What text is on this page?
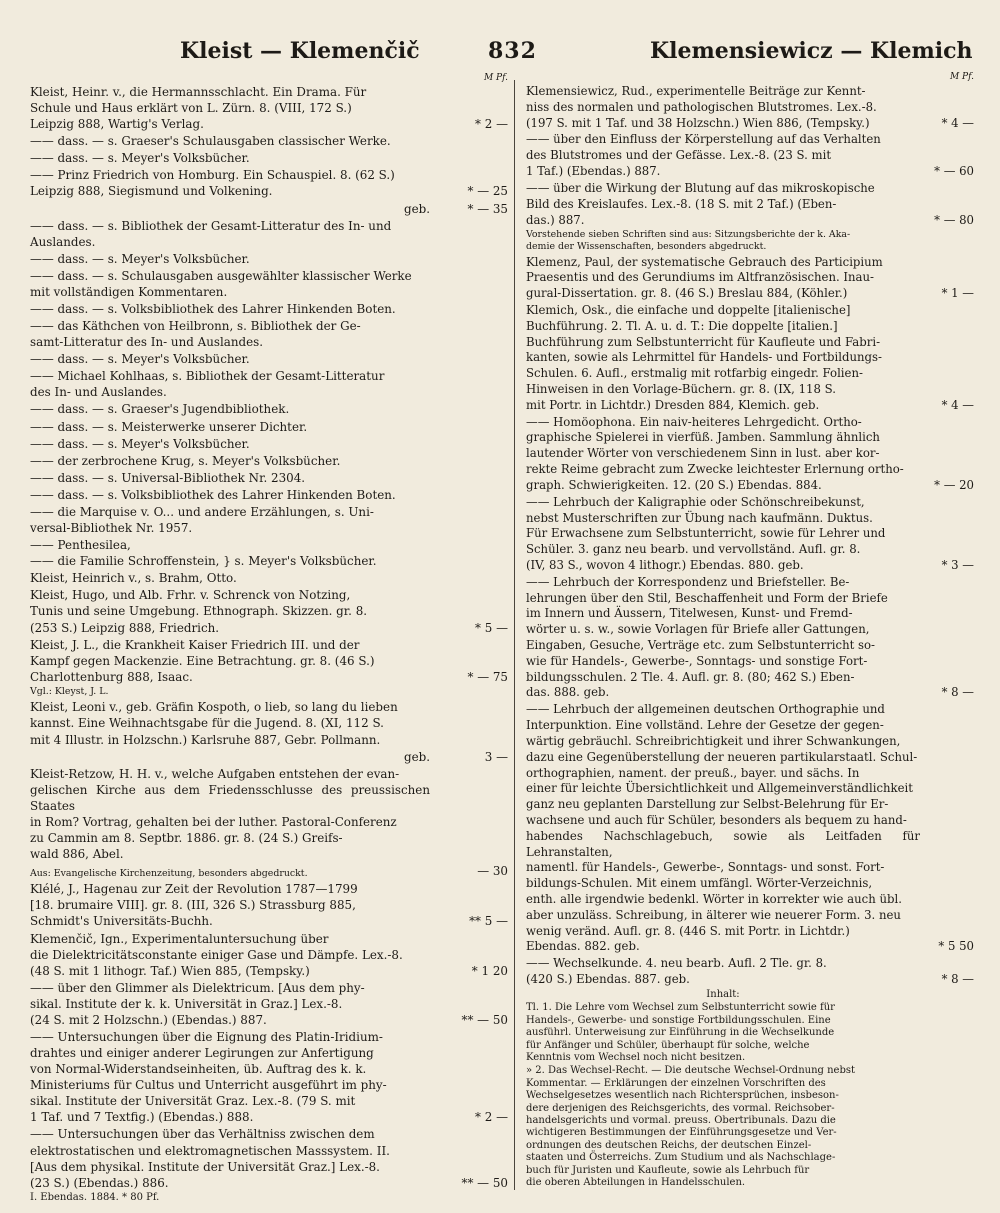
Kleist — Klemenčič	832	Klemensiewicz — Klemich
M Pf.
Kleist, Heinr. v., die Hermannsschlacht. Ein Drama. Für
Schule und Haus erklärt von L. Zürn. 8. (VIII, 172 S.)
Leipzig 888, Wartig's Verlag.	* 2 —
—— dass. — s. Graeser's Schulausgaben classischer Werke.
—— dass. — s. Meyer's Volksbücher.
—— Prinz Friedrich von Homburg. Ein Schauspiel. 8. (62 S.)
Leipzig 888, Siegismund und Volkening.	* — 25
geb.	* — 35
—— dass. — s. Bibliothek der Gesamt-Litteratur des In- und
Auslandes.
—— dass. — s. Meyer's Volksbücher.
—— dass. — s. Schulausgaben ausgewählter klassischer Werke
mit vollständigen Kommentaren.
—— dass. — s. Volksbibliothek des Lahrer Hinkenden Boten.
—— das Käthchen von Heilbronn, s. Bibliothek der Ge-
samt-Litteratur des In- und Auslandes.
—— dass. — s. Meyer's Volksbücher.
—— Michael Kohlhaas, s. Bibliothek der Gesamt-Litteratur
des In- und Auslandes.
—— dass. — s. Graeser's Jugendbibliothek.
—— dass. — s. Meisterwerke unserer Dichter.
—— dass. — s. Meyer's Volksbücher.
—— der zerbrochene Krug, s. Meyer's Volksbücher.
—— dass. — s. Universal-Bibliothek Nr. 2304.
—— dass. — s. Volksbibliothek des Lahrer Hinkenden Boten.
—— die Marquise v. O... und andere Erzählungen, s. Uni-
versal-Bibliothek Nr. 1957.
—— Penthesilea,
—— die Familie Schroffenstein, } s. Meyer's Volksbücher.
Kleist, Heinrich v., s. Brahm, Otto.
Kleist, Hugo, und Alb. Frhr. v. Schrenck von Notzing,
Tunis und seine Umgebung. Ethnograph. Skizzen. gr. 8.
(253 S.) Leipzig 888, Friedrich.	* 5 —
Kleist, J. L., die Krankheit Kaiser Friedrich III. und der
Kampf gegen Mackenzie. Eine Betrachtung. gr. 8. (46 S.)
Charlottenburg 888, Isaac.	* — 75
Vgl.: Kleyst, J. L.
Kleist, Leoni v., geb. Gräfin Kospoth, o lieb, so lang du lieben
kannst. Eine Weihnachtsgabe für die Jugend. 8. (XI, 112 S.
mit 4 Illustr. in Holzschn.) Karlsruhe 887, Gebr. Pollmann.
geb.	3 —
Kleist-Retzow, H. H. v., welche Aufgaben entstehen der evan-
gelischen Kirche aus dem Friedensschlusse des preussischen Staates
in Rom? Vortrag, gehalten bei der luther. Pastoral-Conferenz
zu Cammin am 8. Septbr. 1886. gr. 8. (24 S.) Greifs-
wald 886, Abel.
Aus: Evangelische Kirchenzeitung, besonders abgedruckt.	— 30
Klélé, J., Hagenau zur Zeit der Revolution 1787—1799
[18. brumaire VIII]. gr. 8. (III, 326 S.) Strassburg 885,
Schmidt's Universitäts-Buchh.	** 5 —
Klemenčič, Ign., Experimentaluntersuchung über
die Dielektricitätsconstante einiger Gase und Dämpfe. Lex.-8.
(48 S. mit 1 lithogr. Taf.) Wien 885, (Tempsky.)	* 1 20
—— über den Glimmer als Dielektricum. [Aus dem phy-
sikal. Institute der k. k. Universität in Graz.] Lex.-8.
(24 S. mit 2 Holzschn.) (Ebendas.) 887.	** — 50
—— Untersuchungen über die Eignung des Platin-Iridium-
drahtes und einiger anderer Legirungen zur Anfertigung
von Normal-Widerstandseinheiten, üb. Auftrag des k. k.
Ministeriums für Cultus und Unterricht ausgeführt im phy-
sikal. Institute der Universität Graz. Lex.-8. (79 S. mit
1 Taf. und 7 Textfig.) (Ebendas.) 888.	* 2 —
—— Untersuchungen über das Verhältniss zwischen dem
elektrostatischen und elektromagnetischen Masssystem. II.
[Aus dem physikal. Institute der Universität Graz.] Lex.-8.
(23 S.) (Ebendas.) 886.	** — 50
I. Ebendas. 1884. * 80 Pf.
M Pf.
Klemensiewicz, Rud., experimentelle Beiträge zur Kennt-
niss des normalen und pathologischen Blutstromes. Lex.-8.
(197 S. mit 1 Taf. und 38 Holzschn.) Wien 886, (Tempsky.)	* 4 —
—— über den Einfluss der Körperstellung auf das Verhalten
des Blutstromes und der Gefässe. Lex.-8. (23 S. mit
1 Taf.) (Ebendas.) 887.	* — 60
—— über die Wirkung der Blutung auf das mikroskopische
Bild des Kreislaufes. Lex.-8. (18 S. mit 2 Taf.) (Eben-
das.) 887.	* — 80
Vorstehende sieben Schriften sind aus: Sitzungsberichte der k. Aka-
demie der Wissenschaften, besonders abgedruckt.
Klemenz, Paul, der systematische Gebrauch des Participium
Praesentis und des Gerundiums im Altfranzösischen. Inau-
gural-Dissertation. gr. 8. (46 S.) Breslau 884, (Köhler.)	* 1 —
Klemich, Osk., die einfache und doppelte [italienische]
Buchführung. 2. Tl. A. u. d. T.: Die doppelte [italien.]
Buchführung zum Selbstunterricht für Kaufleute und Fabri-
kanten, sowie als Lehrmittel für Handels- und Fortbildungs-
Schulen. 6. Aufl., erstmalig mit rotfarbig eingedr. Folien-
Hinweisen in den Vorlage-Büchern. gr. 8. (IX, 118 S.
mit Portr. in Lichtdr.) Dresden 884, Klemich. geb.	* 4 —
—— Homöophona. Ein naiv-heiteres Lehrgedicht. Ortho-
graphische Spielerei in vierfüß. Jamben. Sammlung ähnlich
lautender Wörter von verschiedenem Sinn in lust. aber kor-
rekte Reime gebracht zum Zwecke leichtester Erlernung ortho-
graph. Schwierigkeiten. 12. (20 S.) Ebendas. 884.	* — 20
—— Lehrbuch der Kaligraphie oder Schönschreibekunst,
nebst Musterschriften zur Übung nach kaufmänn. Duktus.
Für Erwachsene zum Selbstunterricht, sowie für Lehrer und
Schüler. 3. ganz neu bearb. und vervollständ. Aufl. gr. 8.
(IV, 83 S., wovon 4 lithogr.) Ebendas. 880. geb.	* 3 —
—— Lehrbuch der Korrespondenz und Briefsteller. Be-
lehrungen über den Stil, Beschaffenheit und Form der Briefe
im Innern und Äussern, Titelwesen, Kunst- und Fremd-
wörter u. s. w., sowie Vorlagen für Briefe aller Gattungen,
Eingaben, Gesuche, Verträge etc. zum Selbstunterricht so-
wie für Handels-, Gewerbe-, Sonntags- und sonstige Fort-
bildungsschulen. 2 Tle. 4. Aufl. gr. 8. (80; 462 S.) Eben-
das. 888. geb.	* 8 —
—— Lehrbuch der allgemeinen deutschen Orthographie und
Interpunktion. Eine vollständ. Lehre der Gesetze der gegen-
wärtig gebräuchl. Schreibrichtigkeit und ihrer Schwankungen,
dazu eine Gegenüberstellung der neueren partikularstaatl. Schul-
orthographien, nament. der preuß., bayer. und sächs. In
einer für leichte Übersichtlichkeit und Allgemeinverständlichkeit
ganz neu geplanten Darstellung zur Selbst-Belehrung für Er-
wachsene und auch für Schüler, besonders als bequem zu hand-
habendes Nachschlagebuch, sowie als Leitfaden für Lehranstalten,
namentl. für Handels-, Gewerbe-, Sonntags- und sonst. Fort-
bildungs-Schulen. Mit einem umfängl. Wörter-Verzeichnis,
enth. alle irgendwie bedenkl. Wörter in korrekter wie auch übl.
aber unzuläss. Schreibung, in älterer wie neuerer Form. 3. neu
wenig veränd. Aufl. gr. 8. (446 S. mit Portr. in Lichtdr.)
Ebendas. 882. geb.	* 5 50
—— Wechselkunde. 4. neu bearb. Aufl. 2 Tle. gr. 8.
(420 S.) Ebendas. 887. geb.	* 8 —
Inhalt:
Tl. 1. Die Lehre vom Wechsel zum Selbstunterricht sowie für
Handels-, Gewerbe- und sonstige Fortbildungsschulen. Eine
ausführl. Unterweisung zur Einführung in die Wechselkunde
für Anfänger und Schüler, überhaupt für solche, welche
Kenntnis vom Wechsel noch nicht besitzen.
» 2. Das Wechsel-Recht. — Die deutsche Wechsel-Ordnung nebst
Kommentar. — Erklärungen der einzelnen Vorschriften des
Wechselgesetzes wesentlich nach Richtersprüchen, insbeson-
dere derjenigen des Reichsgerichts, des vormal. Reichsober-
handelsgerichts und vormal. preuss. Obertribunals. Dazu die
wichtigeren Bestimmungen der Einführungsgesetze und Ver-
ordnungen des deutschen Reichs, der deutschen Einzel-
staaten und Österreichs. Zum Studium und als Nachschlage-
buch für Juristen und Kaufleute, sowie als Lehrbuch für
die oberen Abteilungen in Handelsschulen.
